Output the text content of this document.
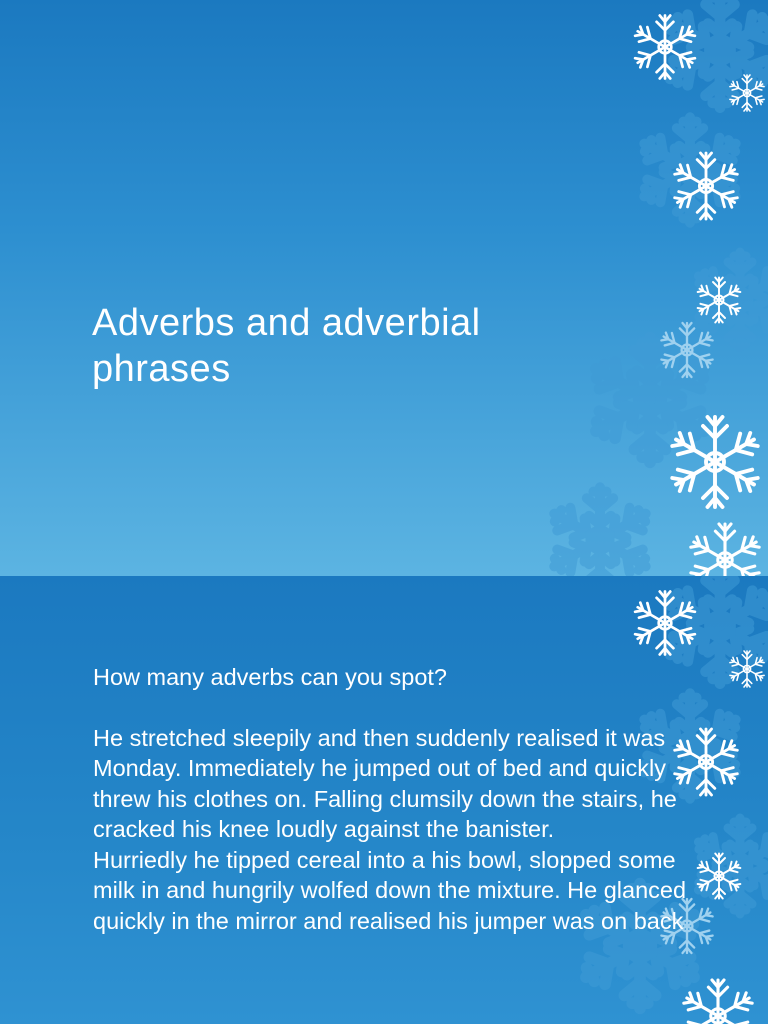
Adverbs and adverbial phrases

How many adverbs can you spot?

He stretched sleepily and then suddenly realised it was Monday. Immediately he jumped out of bed and quickly threw his clothes on. Falling clumsily down the stairs, he cracked his knee loudly against the banister.

Hurriedly he tipped cereal into a his bowl, slopped some milk in and hungrily wolfed down the mixture. He glanced quickly in the mirror and realised his jumper was on back
